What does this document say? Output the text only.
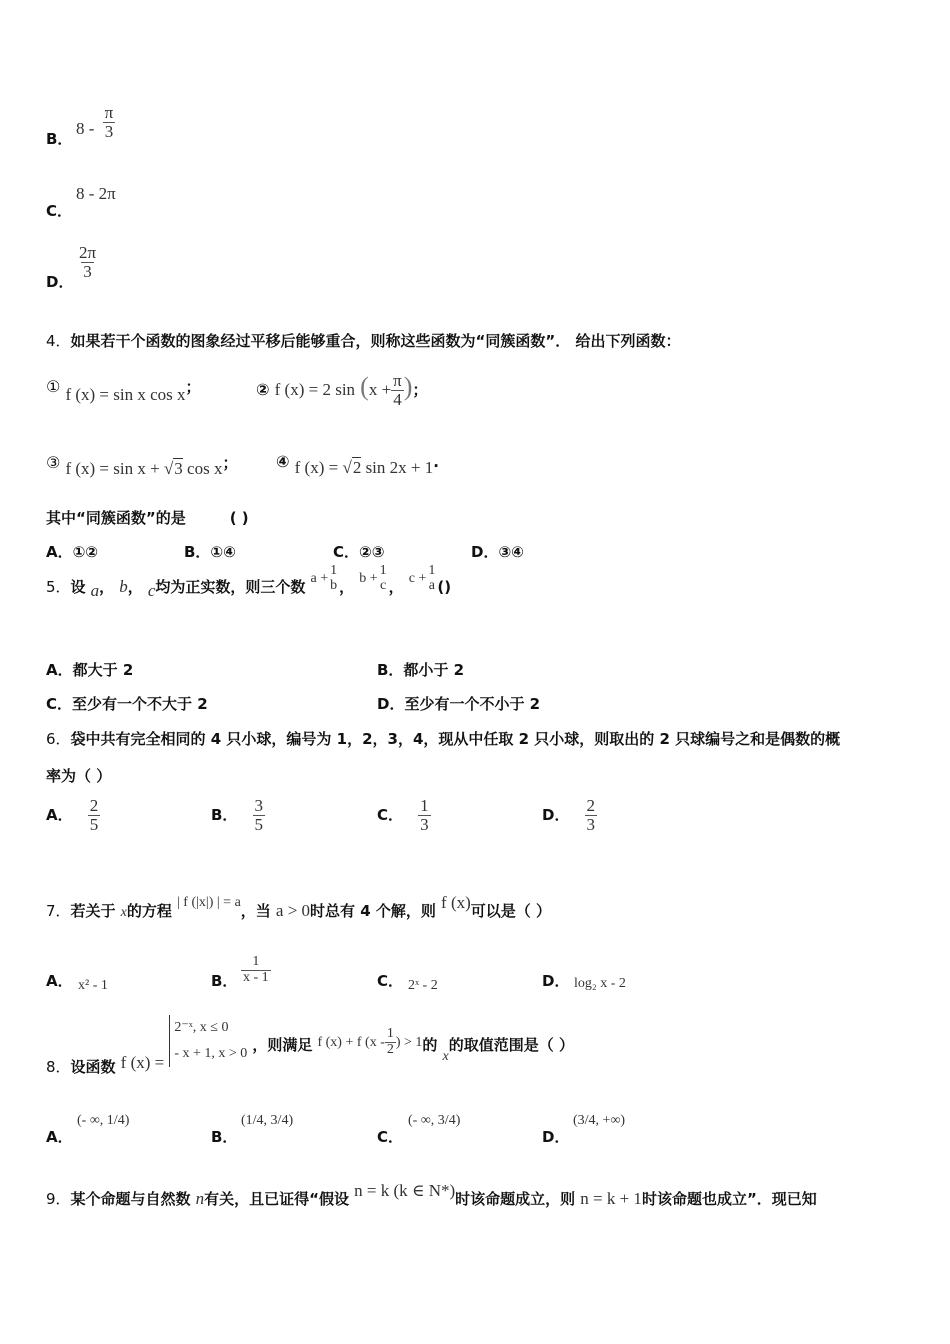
B．
$8 - \frac{\pi}{3}$
C．
8 - 2π
D．
$\frac{2\pi}{3}$
4．如果若干个函数的图象经过平移后能够重合，则称这些函数为“同簇函数”． 给出下列函数：
① f (x) = sin x cos x；	② f (x) = 2 $\sin (x + \frac{\pi}{4}$ )；
③ f (x) = sin x + √3 cos x； ④ f (x) = √2 sin 2x + 1.
其中“同簇函数”的是	( )
A．①②	B．①④	C．②③	D．③④
5．设 a， b， c均为正实数，则三个数 a +
1
b ， b +
1
c ， c +
1
a ()
A．都大于 2	B．都小于 2
C．至少有一个不大于 2	D．至少有一个不小于 2
6．袋中共有完全相同的 4 只小球，编号为 1，2，3，4，现从中任取 2 只小球，则取出的 2 只球编号之和是偶数的概
率为（ ）
A． $\frac{2}{5}$	B． $\frac{3}{5}$	C． $\frac{1}{3}$	D． $\frac{2}{3}$
7．若关于 x的方程 | f (|x|) | = a，当 a > 0时总有 4 个解，则 f (x)可以是（ ）
A． x² - 1	B． $\frac{1}{x - 1}$	C． 2ˣ - 2	D． log₂ x - 2
8．设函数 f (x) =
2⁻ˣ, x ≤ 0
- x + 1, x > 0 ，则满足 f (x) + f ($x - \frac{1}{2}$ ) > 1的 x的取值范围是（ ）
A．
(- ∞, 1/4)
B．
(1/4, 3/4)
C．
(- ∞, 3/4)
D．
(3/4, +∞)
9．某个命题与自然数 n有关，且已证得“假设 n = k (k ∈ N*)时该命题成立，则 n = k + 1时该命题也成立”．现已知
